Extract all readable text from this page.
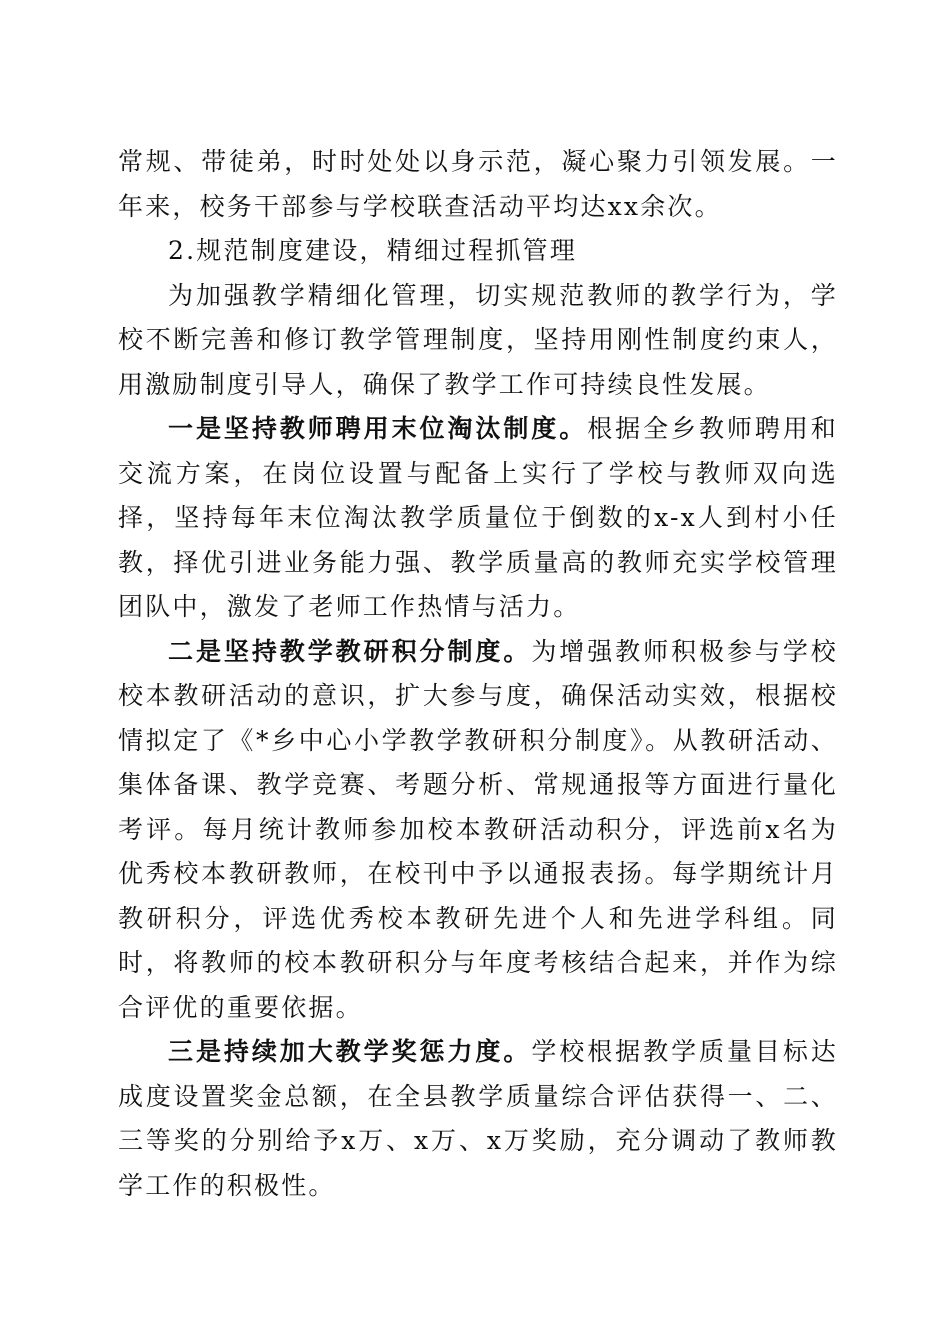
常规、带徒弟，时时处处以身示范，凝心聚力引领发展。一年来，校务干部参与学校联查活动平均达xx余次。

2.规范制度建设，精细过程抓管理

为加强教学精细化管理，切实规范教师的教学行为，学校不断完善和修订教学管理制度，坚持用刚性制度约束人，用激励制度引导人，确保了教学工作可持续良性发展。

一是坚持教师聘用末位淘汰制度。根据全乡教师聘用和交流方案，在岗位设置与配备上实行了学校与教师双向选择，坚持每年末位淘汰教学质量位于倒数的x-x人到村小任教，择优引进业务能力强、教学质量高的教师充实学校管理团队中，激发了老师工作热情与活力。

二是坚持教学教研积分制度。为增强教师积极参与学校校本教研活动的意识，扩大参与度，确保活动实效，根据校情拟定了《*乡中心小学教学教研积分制度》。从教研活动、集体备课、教学竞赛、考题分析、常规通报等方面进行量化考评。每月统计教师参加校本教研活动积分，评选前x名为优秀校本教研教师，在校刊中予以通报表扬。每学期统计月教研积分，评选优秀校本教研先进个人和先进学科组。同时，将教师的校本教研积分与年度考核结合起来，并作为综合评优的重要依据。

三是持续加大教学奖惩力度。学校根据教学质量目标达成度设置奖金总额，在全县教学质量综合评估获得一、二、三等奖的分别给予x万、x万、x万奖励，充分调动了教师教学工作的积极性。
